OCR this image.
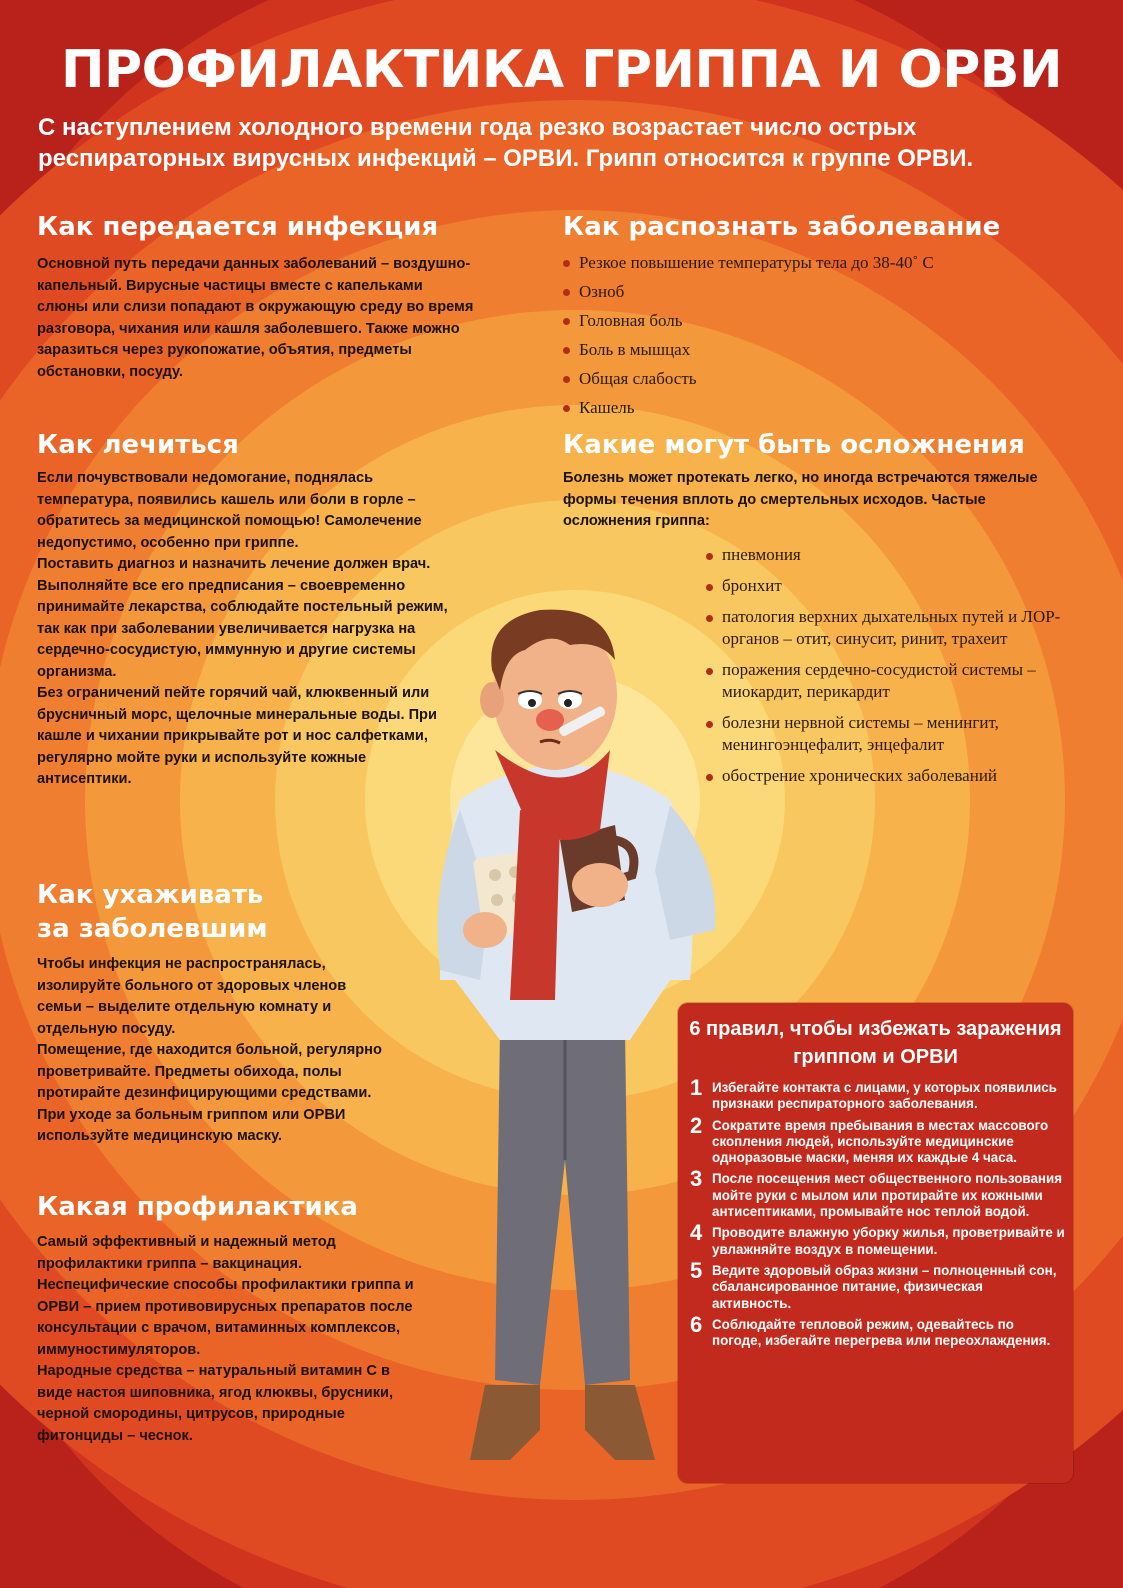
ПРОФИЛАКТИКА ГРИППА И ОРВИ

С наступлением холодного времени года резко возрастает число острых респираторных вирусных инфекций – ОРВИ. Грипп относится к группе ОРВИ.

Как передается инфекция

Основной путь передачи данных заболеваний – воздушно-капельный. Вирусные частицы вместе с капельками слюны или слизи попадают в окружающую среду во время разговора, чихания или кашля заболевшего. Также можно заразиться через рукопожатие, объятия, предметы обстановки, посуду.

Как лечиться

Если почувствовали недомогание, поднялась температура, появились кашель или боли в горле – обратитесь за медицинской помощью! Самолечение недопустимо, особенно при гриппе.

Поставить диагноз и назначить лечение должен врач. Выполняйте все его предписания – своевременно принимайте лекарства, соблюдайте постельный режим, так как при заболевании увеличивается нагрузка на сердечно-сосудистую, иммунную и другие системы организма.

Без ограничений пейте горячий чай, клюквенный или брусничный морс, щелочные минеральные воды. При кашле и чихании прикрывайте рот и нос салфетками, регулярно мойте руки и используйте кожные антисептики.

Как ухаживать
за заболевшим

Чтобы инфекция не распространялась, изолируйте больного от здоровых членов семьи – выделите отдельную комнату и отдельную посуду.

Помещение, где находится больной, регулярно проветривайте. Предметы обихода, полы протирайте дезинфицирующими средствами. При уходе за больным гриппом или ОРВИ используйте медицинскую маску.

Какая профилактика

Самый эффективный и надежный метод профилактики гриппа – вакцинация.

Неспецифические способы профилактики гриппа и ОРВИ – прием противовирусных препаратов после консультации с врачом, витаминных комплексов, иммуностимуляторов.

Народные средства – натуральный витамин С в виде настоя шиповника, ягод клюквы, брусники, черной смородины, цитрусов, природные фитонциды – чеснок.

Как распознать заболевание
Резкое повышение температуры тела до 38-40˚ С
Озноб
Головная боль
Боль в мышцах
Общая слабость
Кашель
Какие могут быть осложнения

Болезнь может протекать легко, но иногда встречаются тяжелые формы течения вплоть до смертельных исходов. Частые осложнения гриппа:

пневмония
бронхит
патология верхних дыхательных путей и ЛОР-органов – отит, синусит, ринит, трахеит
поражения сердечно-сосудистой системы – миокардит, перикардит
болезни нервной системы – менингит, менингоэнцефалит, энцефалит
обострение хронических заболеваний
6 правил, чтобы избежать заражения гриппом и ОРВИ
1 Избегайте контакта с лицами, у которых появились признаки респираторного заболевания.
2 Сократите время пребывания в местах массового скопления людей, используйте медицинские одноразовые маски, меняя их каждые 4 часа.
3 После посещения мест общественного пользования мойте руки с мылом или протирайте их кожными антисептиками, промывайте нос теплой водой.
4 Проводите влажную уборку жилья, проветривайте и увлажняйте воздух в помещении.
5 Ведите здоровый образ жизни – полноценный сон, сбалансированное питание, физическая активность.
6 Соблюдайте тепловой режим, одевайтесь по погоде, избегайте перегрева или переохлаждения.
